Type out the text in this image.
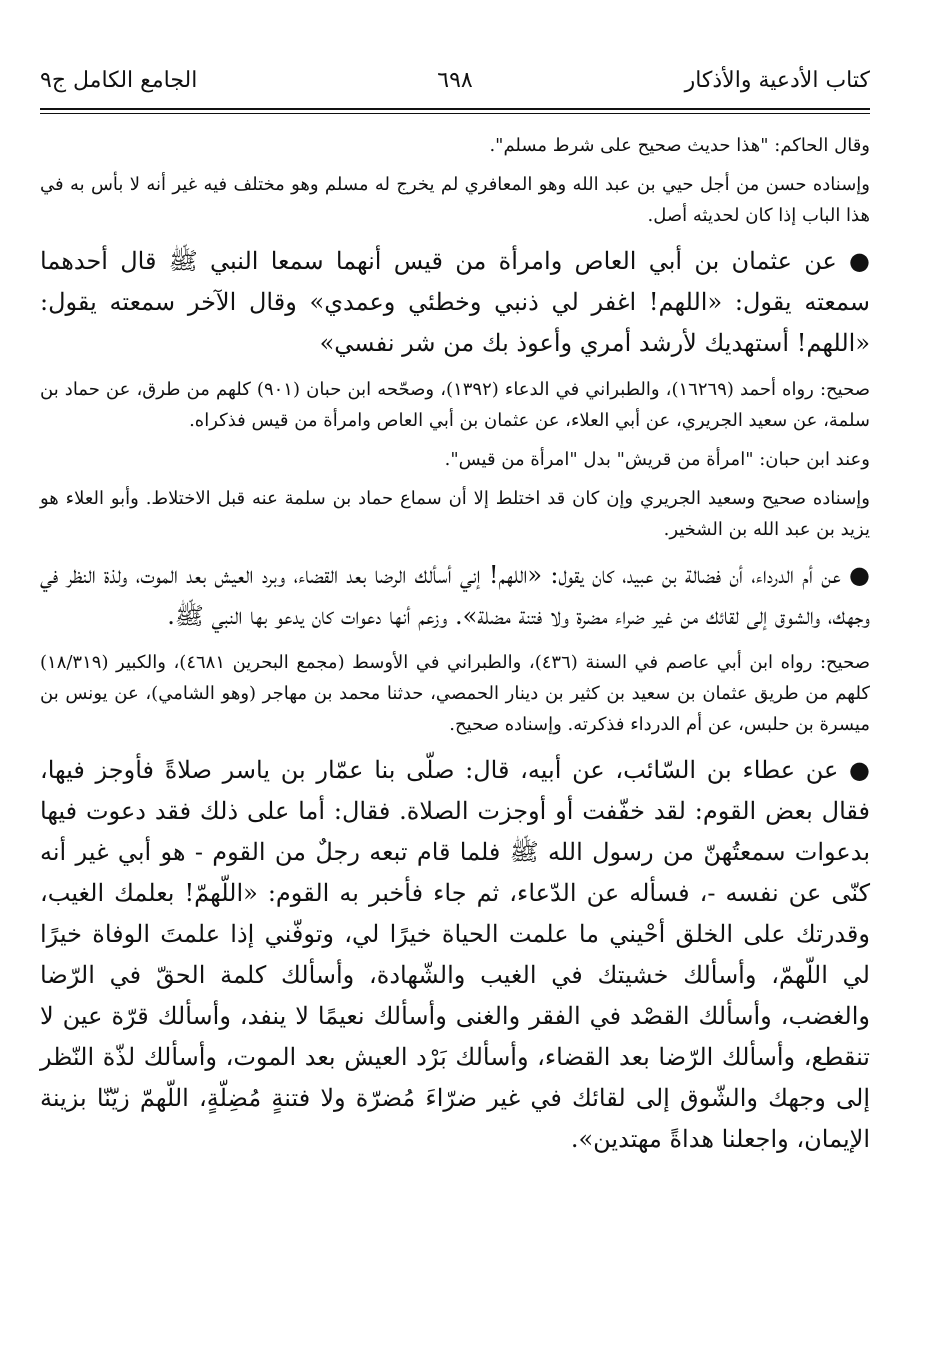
كتاب الأدعية والأذكار
٦٩٨
الجامع الكامل ج٩

وقال الحاكم: "هذا حديث صحيح على شرط مسلم".

وإسناده حسن من أجل حيي بن عبد الله وهو المعافري لم يخرج له مسلم وهو مختلف فيه غير أنه لا بأس به في هذا الباب إذا كان لحديثه أصل.

● عن عثمان بن أبي العاص وامرأة من قيس أنهما سمعا النبي ﷺ قال أحدهما سمعته يقول: «اللهم! اغفر لي ذنبي وخطئي وعمدي» وقال الآخر سمعته يقول: «اللهم! أستهديك لأرشد أمري وأعوذ بك من شر نفسي»

صحيح: رواه أحمد (١٦٢٦٩)، والطبراني في الدعاء (١٣٩٢)، وصحّحه ابن حبان (٩٠١) كلهم من طرق، عن حماد بن سلمة، عن سعيد الجريري، عن أبي العلاء، عن عثمان بن أبي العاص وامرأة من قيس فذكراه.

وعند ابن حبان: "امرأة من قريش" بدل "امرأة من قيس".

وإسناده صحيح وسعيد الجريري وإن كان قد اختلط إلا أن سماع حماد بن سلمة عنه قبل الاختلاط. وأبو العلاء هو يزيد بن عبد الله بن الشخير.

● عن أم الدرداء، أن فضالة بن عبيد، كان يقول: «اللهم! إني أسألك الرضا بعد القضاء، وبرد العيش بعد الموت، ولذة النظر في وجهك، والشوق إلى لقائك من غير ضراء مضرة ولا فتنة مضلة». وزعم أنها دعوات كان يدعو بها النبي ﷺ.

صحيح: رواه ابن أبي عاصم في السنة (٤٣٦)، والطبراني في الأوسط (مجمع البحرين ٤٦٨١)، والكبير (١٨/٣١٩) كلهم من طريق عثمان بن سعيد بن كثير بن دينار الحمصي، حدثنا محمد بن مهاجر (وهو الشامي)، عن يونس بن ميسرة بن حلبس، عن أم الدرداء فذكرته. وإسناده صحيح.

● عن عطاء بن السّائب، عن أبيه، قال: صلّى بنا عمّار بن ياسر صلاةً فأوجز فيها، فقال بعض القوم: لقد خفّفت أو أوجزت الصلاة. فقال: أما على ذلك فقد دعوت فيها بدعوات سمعتُهنّ من رسول الله ﷺ فلما قام تبعه رجلٌ من القوم - هو أبي غير أنه كنّى عن نفسه -، فسأله عن الدّعاء، ثم جاء فأخبر به القوم: «اللّهمّ! بعلمك الغيب، وقدرتك على الخلق أحْيني ما علمت الحياة خيرًا لي، وتوفّني إذا علمتَ الوفاة خيرًا لي اللّهمّ، وأسألك خشيتك في الغيب والشّهادة، وأسألك كلمة الحقّ في الرّضا والغضب، وأسألك القصْد في الفقر والغنى وأسألك نعيمًا لا ينفد، وأسألك قرّة عين لا تنقطع، وأسألك الرّضا بعد القضاء، وأسألك بَرْد العيش بعد الموت، وأسألك لذّة النّظر إلى وجهك والشّوق إلى لقائك في غير ضرّاءَ مُضرّة ولا فتنةٍ مُضِلّةٍ، اللّهمّ زيّنّا بزينة الإيمان، واجعلنا هداةً مهتدين».
